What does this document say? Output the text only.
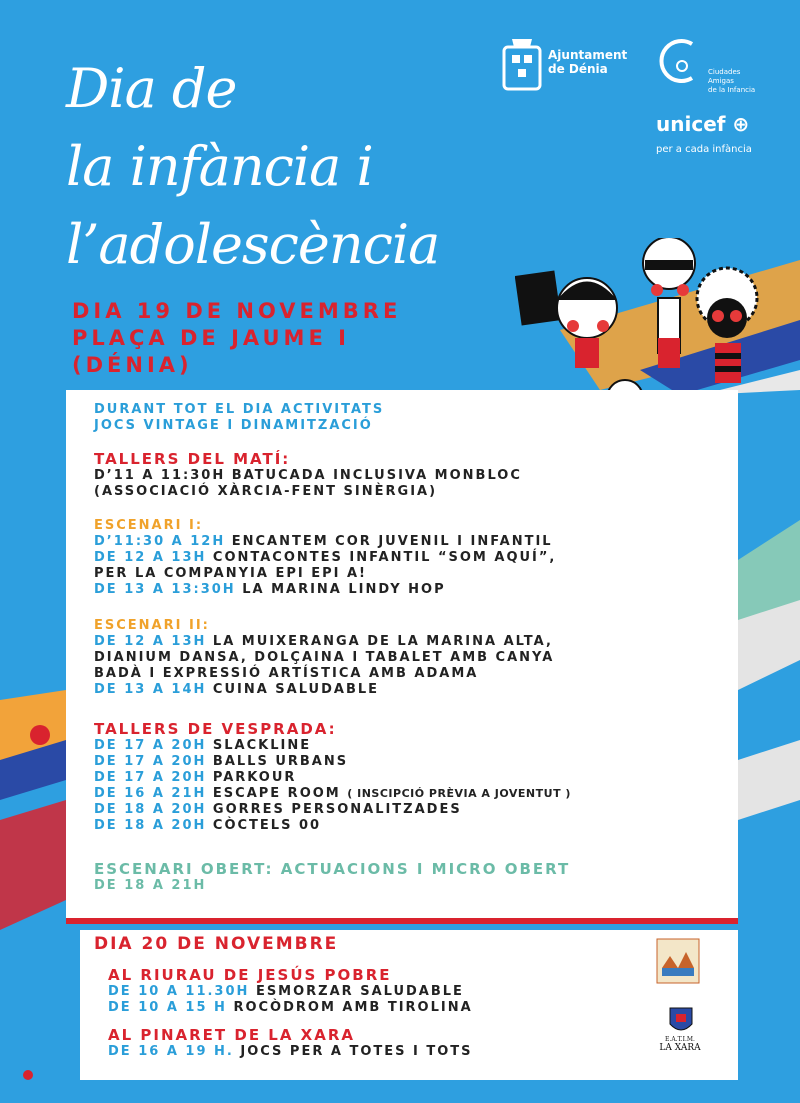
Ajuntament
de Dénia	Ciudades
Amigas
de la Infancia
unicef ⊕
per a cada infància
Dia de
la infància i
l’adolescència
DIA 19 DE NOVEMBRE
PLAÇA DE JAUME I
(DÉNIA)
DURANT TOT EL DIA ACTIVITATS
JOCS VINTAGE I DINAMITZACIÓ
TALLERS DEL MATÍ:
D’11 A 11:30H BATUCADA INCLUSIVA MONBLOC
(ASSOCIACIÓ XÀRCIA-FENT SINÈRGIA)
ESCENARI I:
D’11:30 A 12H ENCANTEM COR JUVENIL I INFANTIL
DE 12 A 13H CONTACONTES INFANTIL “SOM AQUÍ”,
PER LA COMPANYIA EPI EPI A!
DE 13 A 13:30H LA MARINA LINDY HOP
ESCENARI II:
DE 12 A 13H LA MUIXERANGA DE LA MARINA ALTA,
DIANIUM DANSA, DOLÇAINA I TABALET AMB CANYA
BADÀ I EXPRESSIÓ ARTÍSTICA AMB ADAMA
DE 13 A 14H CUINA SALUDABLE
TALLERS DE VESPRADA:
DE 17 A 20H SLACKLINE
DE 17 A 20H BALLS URBANS
DE 17 A 20H PARKOUR
DE 16 A 21H ESCAPE ROOM ( INSCIPCIÓ PRÈVIA A JOVENTUT )
DE 18 A 20H GORRES PERSONALITZADES
DE 18 A 20H CÒCTELS 00
ESCENARI OBERT: ACTUACIONS I MICRO OBERT
DE 18 A 21H
DIA 20 DE NOVEMBRE
AL RIURAU DE JESÚS POBRE
DE 10 A 11.30H ESMORZAR SALUDABLE
DE 10 A 15 H ROCÒDROM AMB TIROLINA
AL PINARET DE LA XARA
DE 16 A 19 H. JOCS PER A TOTES I TOTS
E.A.T.I.M.
LA XARA
